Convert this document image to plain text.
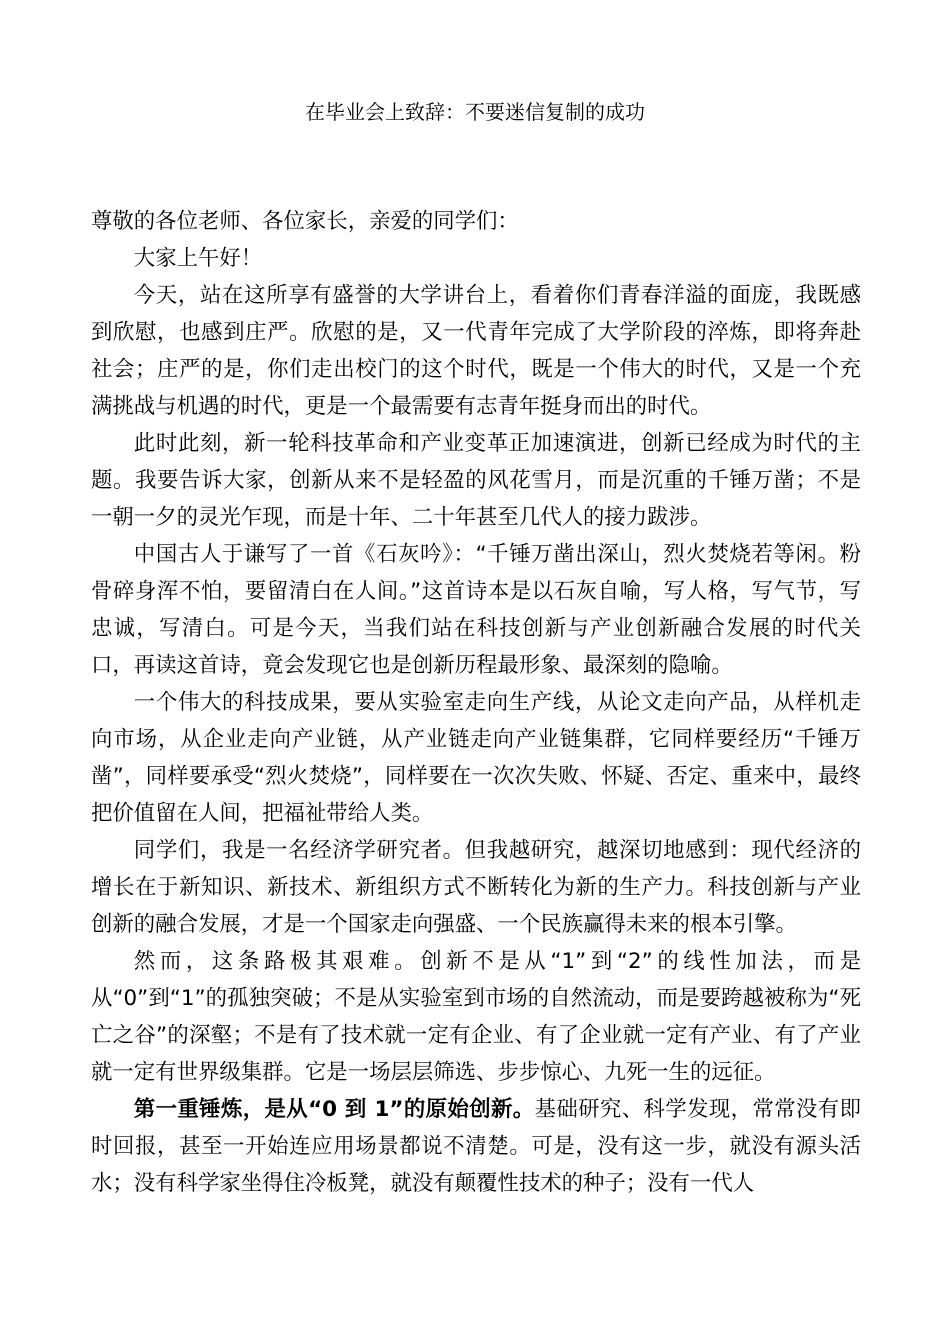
在毕业会上致辞：不要迷信复制的成功

尊敬的各位老师、各位家长，亲爱的同学们：

大家上午好！

今天，站在这所享有盛誉的大学讲台上，看着你们青春洋溢的面庞，我既感到欣慰，也感到庄严。欣慰的是，又一代青年完成了大学阶段的淬炼，即将奔赴社会；庄严的是，你们走出校门的这个时代，既是一个伟大的时代，又是一个充满挑战与机遇的时代，更是一个最需要有志青年挺身而出的时代。

此时此刻，新一轮科技革命和产业变革正加速演进，创新已经成为时代的主题。我要告诉大家，创新从来不是轻盈的风花雪月，而是沉重的千锤万凿；不是一朝一夕的灵光乍现，而是十年、二十年甚至几代人的接力跋涉。

中国古人于谦写了一首《石灰吟》：“千锤万凿出深山，烈火焚烧若等闲。粉骨碎身浑不怕，要留清白在人间。”这首诗本是以石灰自喻，写人格，写气节，写忠诚，写清白。可是今天，当我们站在科技创新与产业创新融合发展的时代关口，再读这首诗，竟会发现它也是创新历程最形象、最深刻的隐喻。

一个伟大的科技成果，要从实验室走向生产线，从论文走向产品，从样机走向市场，从企业走向产业链，从产业链走向产业链集群，它同样要经历“千锤万凿”，同样要承受“烈火焚烧”，同样要在一次次失败、怀疑、否定、重来中，最终把价值留在人间，把福祉带给人类。

同学们，我是一名经济学研究者。但我越研究，越深切地感到：现代经济的增长在于新知识、新技术、新组织方式不断转化为新的生产力。科技创新与产业创新的融合发展，才是一个国家走向强盛、一个民族赢得未来的根本引擎。

然而，这条路极其艰难。创新不是从“1”到“2”的线性加法，而是从“0”到“1”的孤独突破；不是从实验室到市场的自然流动，而是要跨越被称为“死亡之谷”的深壑；不是有了技术就一定有企业、有了企业就一定有产业、有了产业就一定有世界级集群。它是一场层层筛选、步步惊心、九死一生的远征。

第一重锤炼，是从“0 到 1”的原始创新。基础研究、科学发现，常常没有即时回报，甚至一开始连应用场景都说不清楚。可是，没有这一步，就没有源头活水；没有科学家坐得住冷板凳，就没有颠覆性技术的种子；没有一代人
